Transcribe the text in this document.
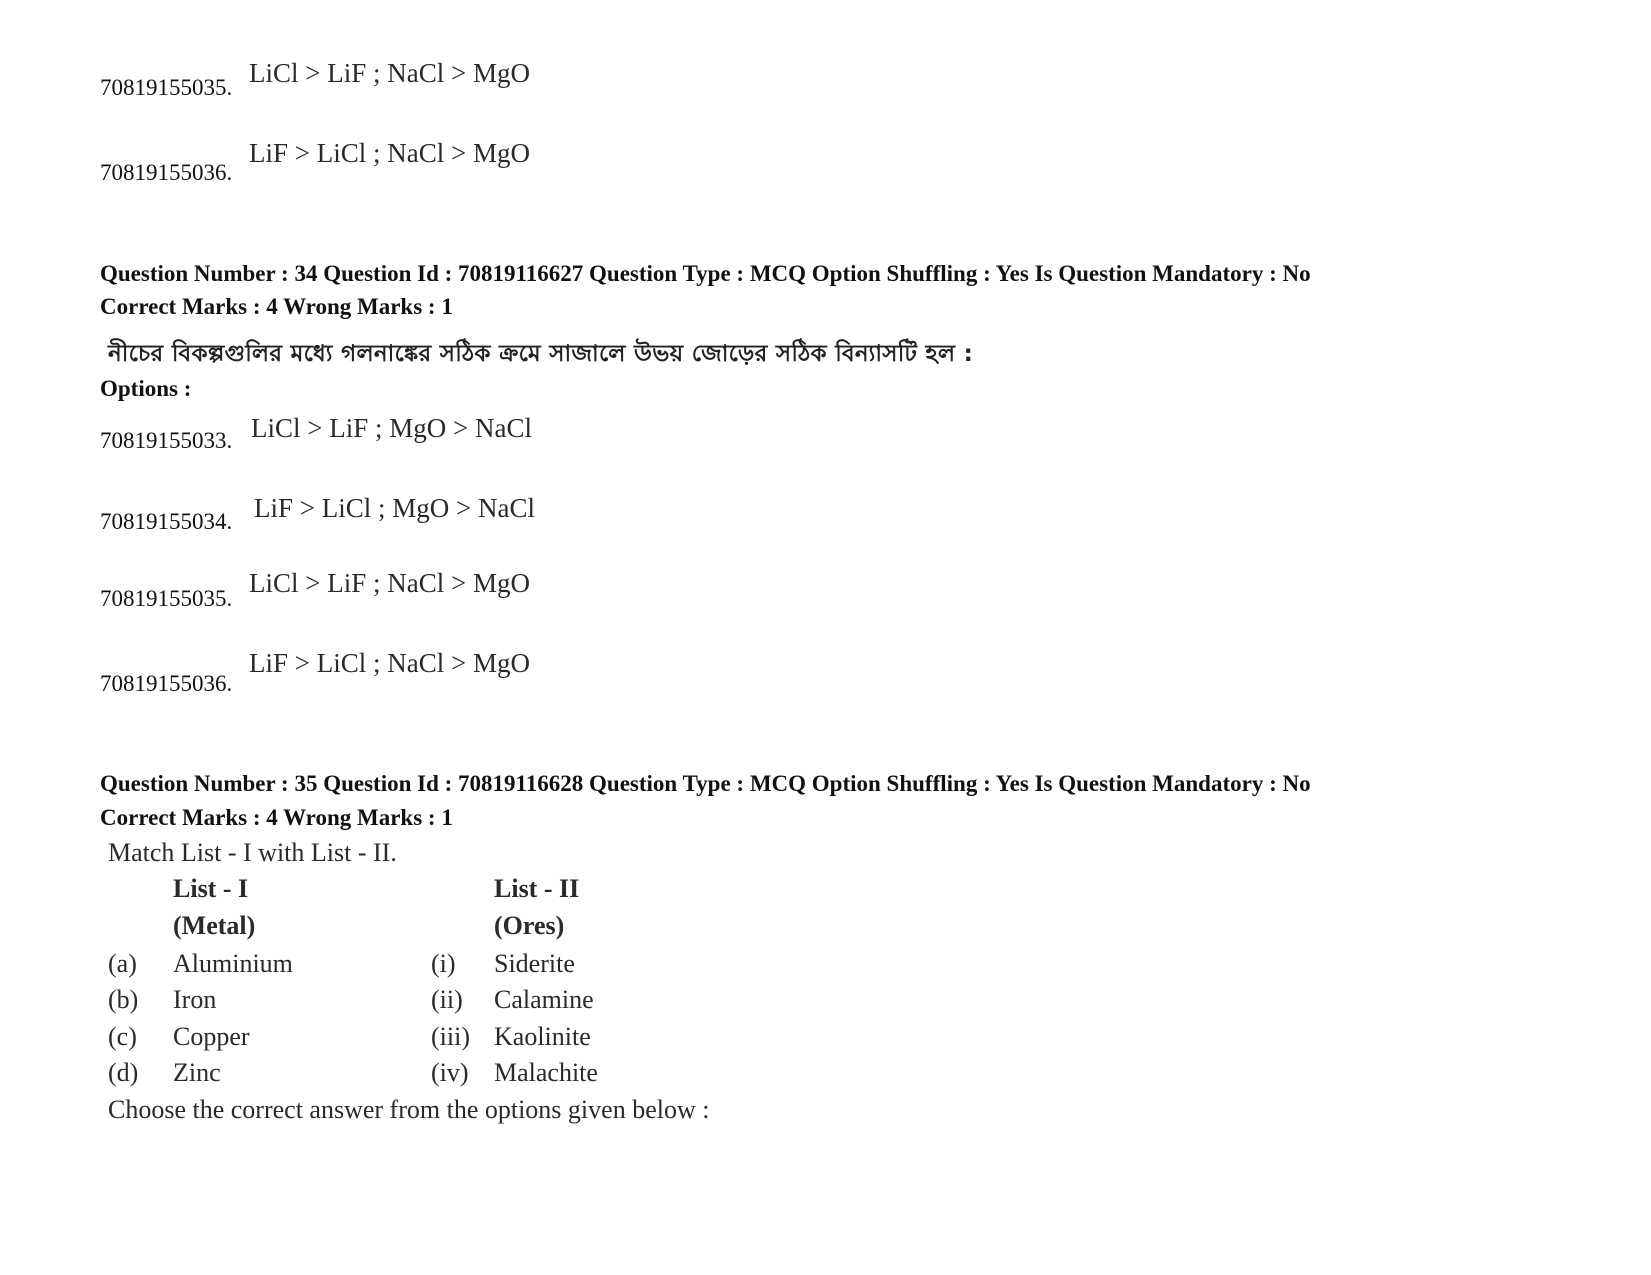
70819155035. LiCl > LiF ; NaCl > MgO
70819155036.
LiF > LiCl ; NaCl > MgO
Question Number : 34 Question Id : 70819116627 Question Type : MCQ Option Shuffling : Yes Is Question Mandatory : No
Correct Marks : 4 Wrong Marks : 1
নীচের বিকল্পগুলির মধ্যে গলনাঙ্কের সঠিক ক্রমে সাজালে উভয় জোড়ের সঠিক বিন্যাসটি হল :
Options :
70819155033. LiCl > LiF ; MgO > NaCl
70819155034. LiF > LiCl ; MgO > NaCl
70819155035.
LiCl > LiF ; NaCl > MgO
70819155036.
LiF > LiCl ; NaCl > MgO
Question Number : 35 Question Id : 70819116628 Question Type : MCQ Option Shuffling : Yes Is Question Mandatory : No
Correct Marks : 4 Wrong Marks : 1
Match List - I with List - II.
List - I	List - II
(Metal)	(Ores)
(a) Aluminium	(i) Siderite
(b) Iron	(ii) Calamine
(c) Copper	(iii) Kaolinite
(d) Zinc	(iv) Malachite
Choose the correct answer from the options given below :
